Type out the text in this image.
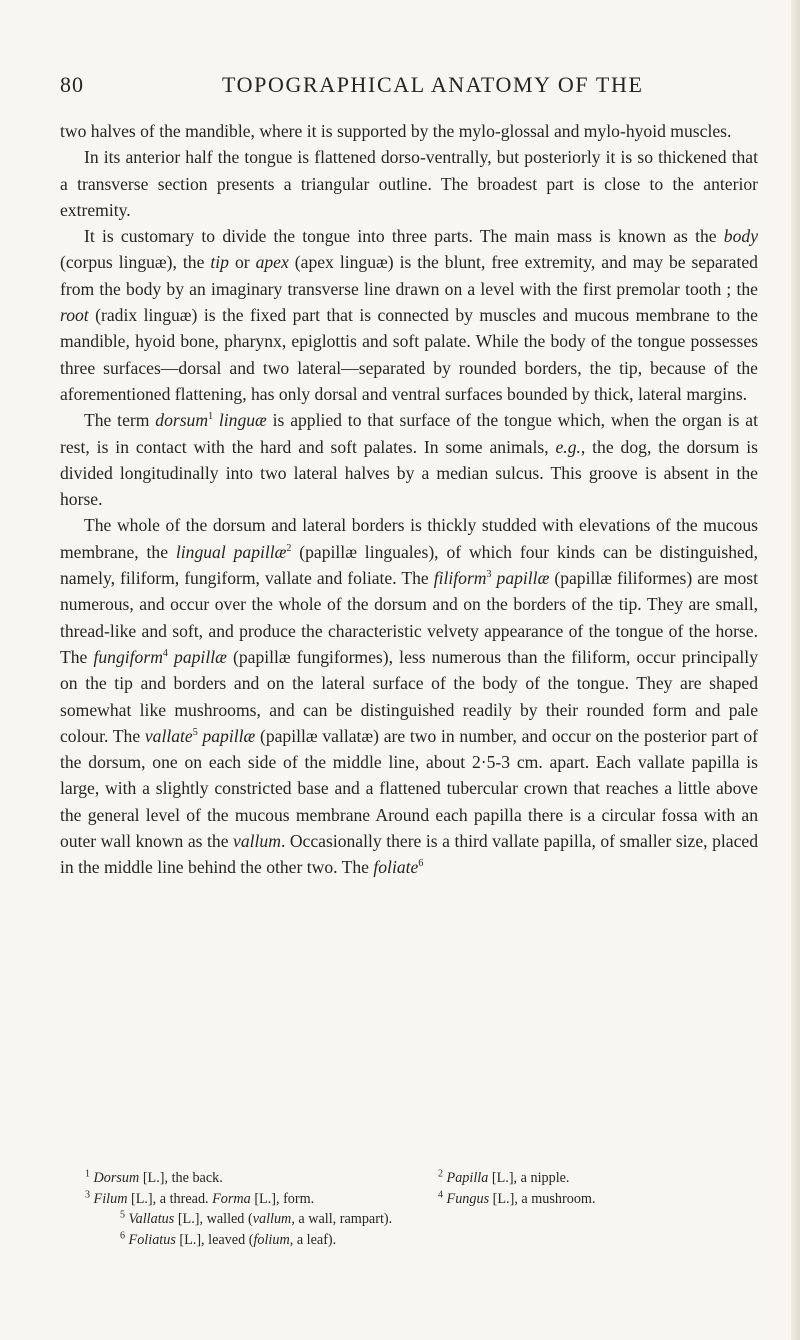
80	TOPOGRAPHICAL ANATOMY OF THE

two halves of the mandible, where it is supported by the mylo-glossal and mylo-hyoid muscles.

In its anterior half the tongue is flattened dorso-ventrally, but posteriorly it is so thickened that a transverse section presents a triangular outline. The broadest part is close to the anterior extremity.

It is customary to divide the tongue into three parts. The main mass is known as the body (corpus linguæ), the tip or apex (apex linguæ) is the blunt, free extremity, and may be separated from the body by an imaginary transverse line drawn on a level with the first premolar tooth ; the root (radix linguæ) is the fixed part that is connected by muscles and mucous membrane to the mandible, hyoid bone, pharynx, epiglottis and soft palate. While the body of the tongue possesses three surfaces—dorsal and two lateral—separated by rounded borders, the tip, because of the aforementioned flattening, has only dorsal and ventral surfaces bounded by thick, lateral margins.

The term dorsum$^1$ linguæ is applied to that surface of the tongue which, when the organ is at rest, is in contact with the hard and soft palates. In some animals, e.g., the dog, the dorsum is divided longitudinally into two lateral halves by a median sulcus. This groove is absent in the horse.

The whole of the dorsum and lateral borders is thickly studded with elevations of the mucous membrane, the lingual papillæ$^2$ (papillæ linguales), of which four kinds can be distinguished, namely, filiform, fungiform, vallate and foliate. The filiform$^3$ papillæ (papillæ filiformes) are most numerous, and occur over the whole of the dorsum and on the borders of the tip. They are small, thread-like and soft, and produce the characteristic velvety appearance of the tongue of the horse. The fungiform$^4$ papillæ (papillæ fungiformes), less numerous than the filiform, occur principally on the tip and borders and on the lateral surface of the body of the tongue. They are shaped somewhat like mushrooms, and can be distinguished readily by their rounded form and pale colour. The vallate$^5$ papillæ (papillæ vallatæ) are two in number, and occur on the posterior part of the dorsum, one on each side of the middle line, about 2·5-3 cm. apart. Each vallate papilla is large, with a slightly constricted base and a flattened tubercular crown that reaches a little above the general level of the mucous membrane Around each papilla there is a circular fossa with an outer wall known as the vallum. Occasionally there is a third vallate papilla, of smaller size, placed in the middle line behind the other two. The foliate$^6$

$^1$ Dorsum [L.], the back.	$^2$ Papilla [L.], a nipple.
$^3$ Filum [L.], a thread. Forma [L.], form.	$^4$ Fungus [L.], a mushroom.
$^5$ Vallatus [L.], walled (vallum, a wall, rampart).
$^6$ Foliatus [L.], leaved (folium, a leaf).
